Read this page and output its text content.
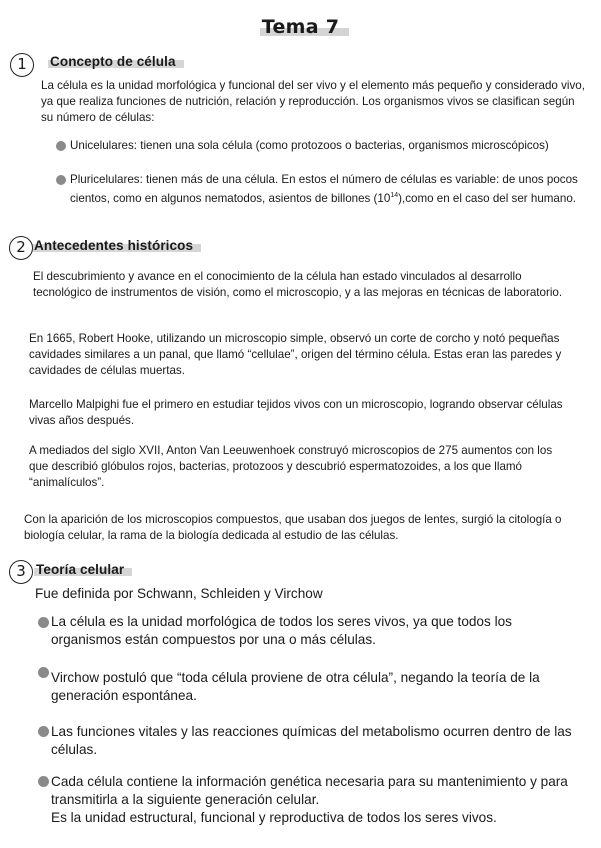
Tema 7
1	Concepto de célula

La célula es la unidad morfológica y funcional del ser vivo y el elemento más pequeño y considerado vivo, ya que realiza funciones de nutrición, relación y reproducción. Los organismos vivos se clasifican según su número de células:

Unicelulares: tienen una sola célula (como protozoos o bacterias, organismos microscópicos)

Pluricelulares: tienen más de una célula. En estos el número de células es variable: de unos pocos cientos, como en algunos nematodos, asientos de billones $(10^{14}),como$ en el caso del ser humano.

2 Antecedentes históricos

El descubrimiento y avance en el conocimiento de la célula han estado vinculados al desarrollo tecnológico de instrumentos de visión, como el microscopio, y a las mejoras en técnicas de laboratorio.

En 1665, Robert Hooke, utilizando un microscopio simple, observó un corte de corcho y notó pequeñas cavidades similares a un panal, que llamó “cellulae”, origen del término célula. Estas eran las paredes y cavidades de células muertas.

Marcello Malpighi fue el primero en estudiar tejidos vivos con un microscopio, logrando observar células vivas años después.

A mediados del siglo XVII, Anton Van Leeuwenhoek construyó microscopios de 275 aumentos con los que describió glóbulos rojos, bacterias, protozoos y descubrió espermatozoides, a los que llamó “animalículos”.

Con la aparición de los microscopios compuestos, que usaban dos juegos de lentes, surgió la citología o biología celular, la rama de la biología dedicada al estudio de las células.

3 Teoría celular

Fue definida por Schwann, Schleiden y Virchow

La célula es la unidad morfológica de todos los seres vivos, ya que todos los organismos están compuestos por una o más células.

Virchow postuló que “toda célula proviene de otra célula”, negando la teoría de la generación espontánea.

Las funciones vitales y las reacciones químicas del metabolismo ocurren dentro de las células.

Cada célula contiene la información genética necesaria para su mantenimiento y para transmitirla a la siguiente generación celular.

Es la unidad estructural, funcional y reproductiva de todos los seres vivos.
